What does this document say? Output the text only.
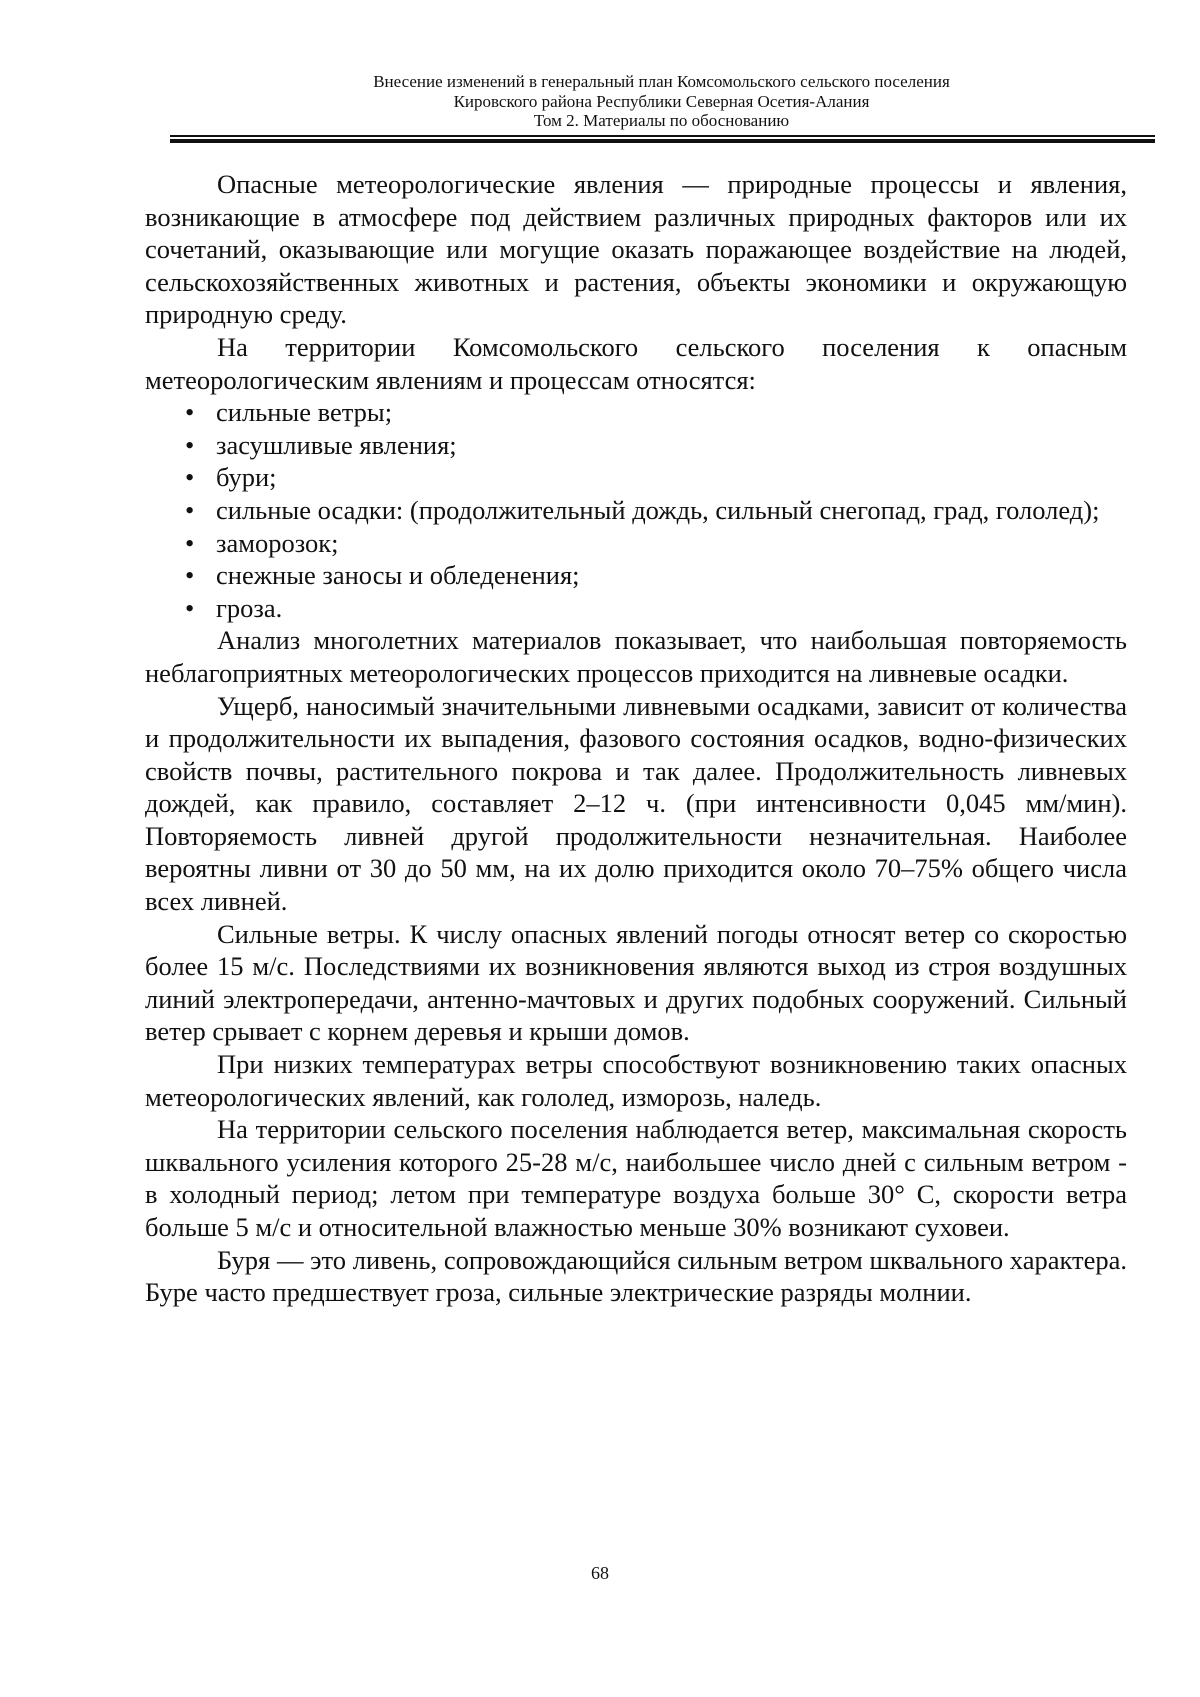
Внесение изменений в генеральный план Комсомольского сельского поселения
Кировского района Республики Северная Осетия-Алания
Том 2. Материалы по обоснованию

Опасные метеорологические явления — природные процессы и явления, возникающие в атмосфере под действием различных природных факторов или их сочетаний, оказывающие или могущие оказать поражающее воздействие на людей, сельскохозяйственных животных и растения, объекты экономики и окружающую природную среду.

На территории Комсомольского сельского поселения к опасным метеорологическим явлениям и процессам относятся:

• сильные ветры;
• засушливые явления;
• бури;
• сильные осадки: (продолжительный дождь, сильный снегопад, град, гололед);
• заморозок;
• снежные заносы и обледенения;
• гроза.

Анализ многолетних материалов показывает, что наибольшая повторяемость неблагоприятных метеорологических процессов приходится на ливневые осадки.

Ущерб, наносимый значительными ливневыми осадками, зависит от количества и продолжительности их выпадения, фазового состояния осадков, водно-физических свойств почвы, растительного покрова и так далее. Продолжительность ливневых дождей, как правило, составляет 2–12 ч. (при интенсивности 0,045 мм/мин). Повторяемость ливней другой продолжительности незначительная. Наиболее вероятны ливни от 30 до 50 мм, на их долю приходится около 70–75% общего числа всех ливней.

Сильные ветры. К числу опасных явлений погоды относят ветер со скоростью более 15 м/с. Последствиями их возникновения являются выход из строя воздушных линий электропередачи, антенно-мачтовых и других подобных сооружений. Сильный ветер срывает с корнем деревья и крыши домов.

При низких температурах ветры способствуют возникновению таких опасных метеорологических явлений, как гололед, изморозь, наледь.

На территории сельского поселения наблюдается ветер, максимальная скорость шквального усиления которого 25-28 м/с, наибольшее число дней с сильным ветром - в холодный период; летом при температуре воздуха больше 30° С, скорости ветра больше 5 м/с и относительной влажностью меньше 30% возникают суховеи.

Буря — это ливень, сопровождающийся сильным ветром шквального характера. Буре часто предшествует гроза, сильные электрические разряды молнии.

68
